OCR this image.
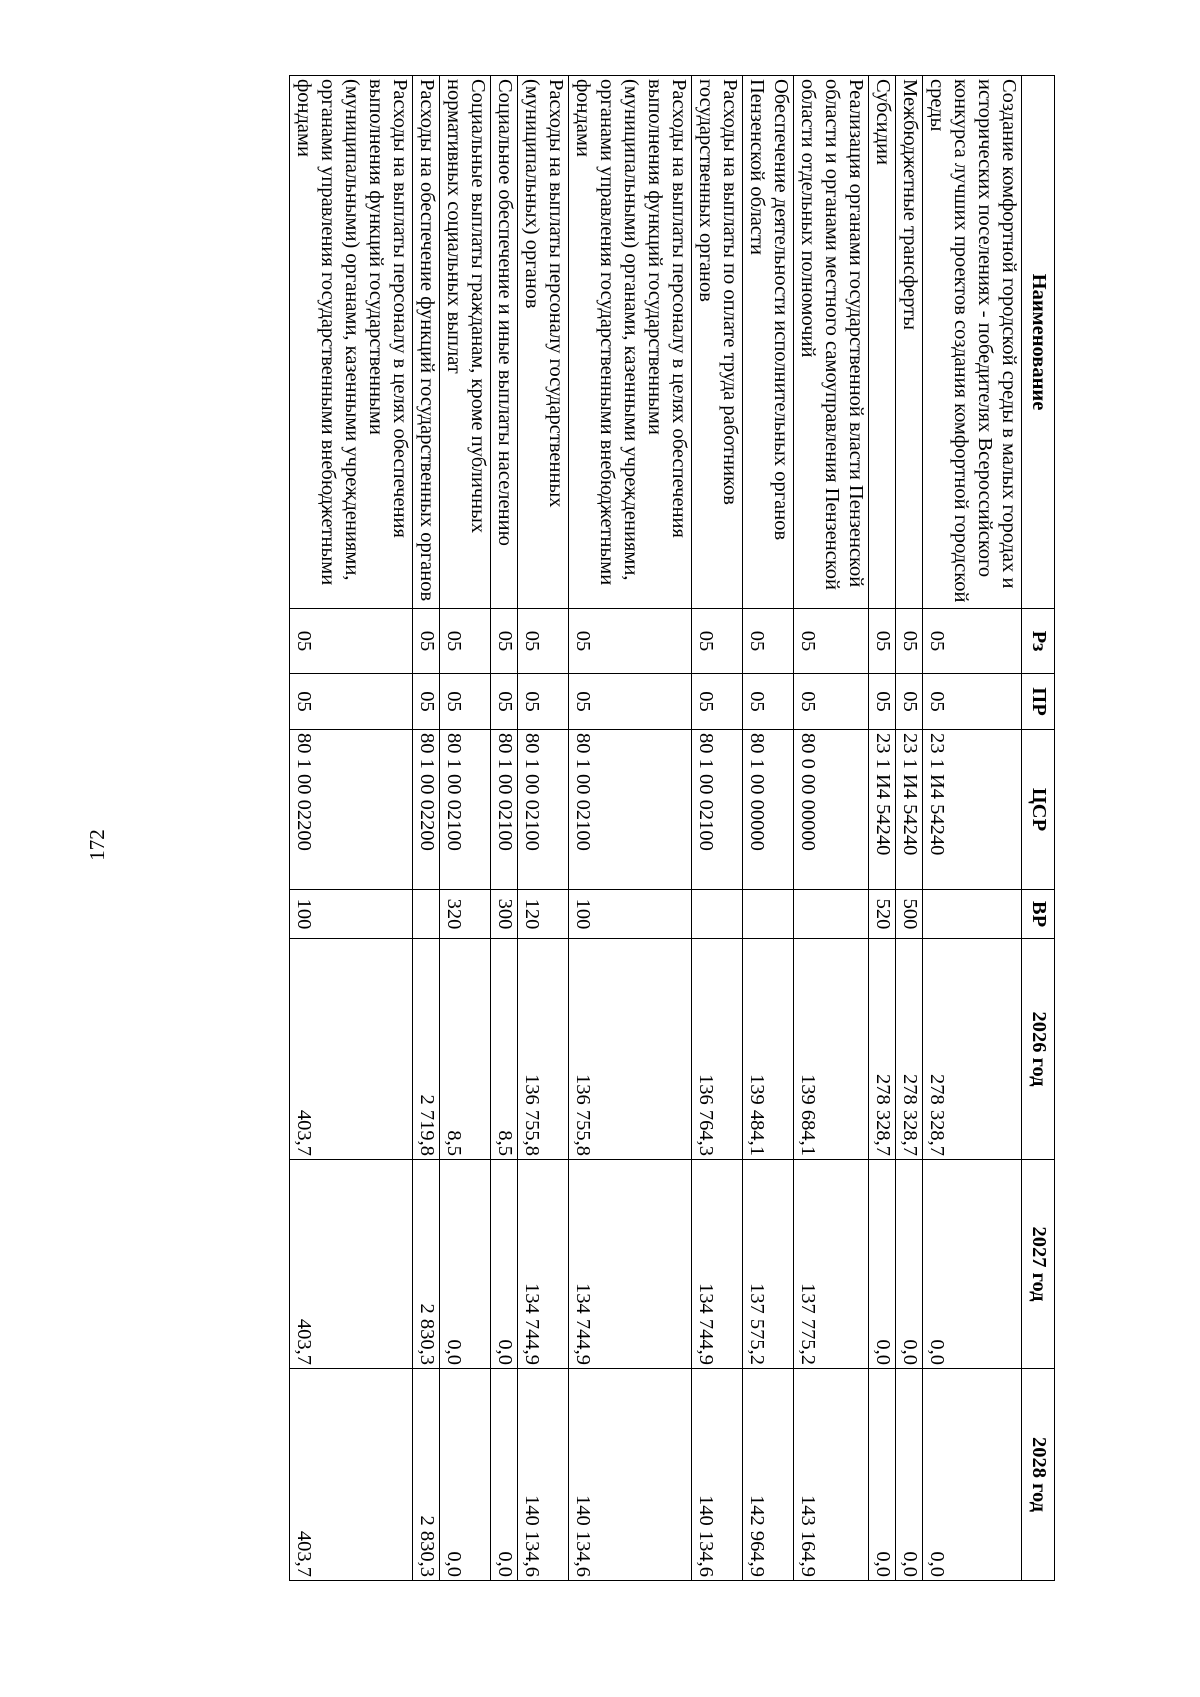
172
Наименование	Рз	ПР	ЦСР	ВР	2026 год	2027 год	2028 год
Создание комфортной городской среды в малых городах и исторических поселениях - победителях Всероссийского конкурса лучших проектов создания комфортной городской среды	05	05	23 1 И4 54240		278 328,7	0,0	0,0
Межбюджетные трансферты	05	05	23 1 И4 54240	500	278 328,7	0,0	0,0
Субсидии	05	05	23 1 И4 54240	520	278 328,7	0,0	0,0
Реализация органами государственной власти Пензенской области и органами местного самоуправления Пензенской области отдельных полномочий	05	05	80 0 00 00000		139 684,1	137 775,2	143 164,9
Обеспечение деятельности исполнительных органов Пензенской области	05	05	80 1 00 00000		139 484,1	137 575,2	142 964,9
Расходы на выплаты по оплате труда работников государственных органов	05	05	80 1 00 02100		136 764,3	134 744,9	140 134,6
Расходы на выплаты персоналу в целях обеспечения выполнения функций государственными (муниципальными) органами, казенными учреждениями, органами управления государственными внебюджетными фондами	05	05	80 1 00 02100	100	136 755,8	134 744,9	140 134,6
Расходы на выплаты персоналу государственных (муниципальных) органов	05	05	80 1 00 02100	120	136 755,8	134 744,9	140 134,6
Социальное обеспечение и иные выплаты населению	05	05	80 1 00 02100	300	8,5	0,0	0,0
Социальные выплаты гражданам, кроме публичных нормативных социальных выплат	05	05	80 1 00 02100	320	8,5	0,0	0,0
Расходы на обеспечение функций государственных органов	05	05	80 1 00 02200		2 719,8	2 830,3	2 830,3
Расходы на выплаты персоналу в целях обеспечения выполнения функций государственными (муниципальными) органами, казенными учреждениями, органами управления государственными внебюджетными фондами	05	05	80 1 00 02200	100	403,7	403,7	403,7
